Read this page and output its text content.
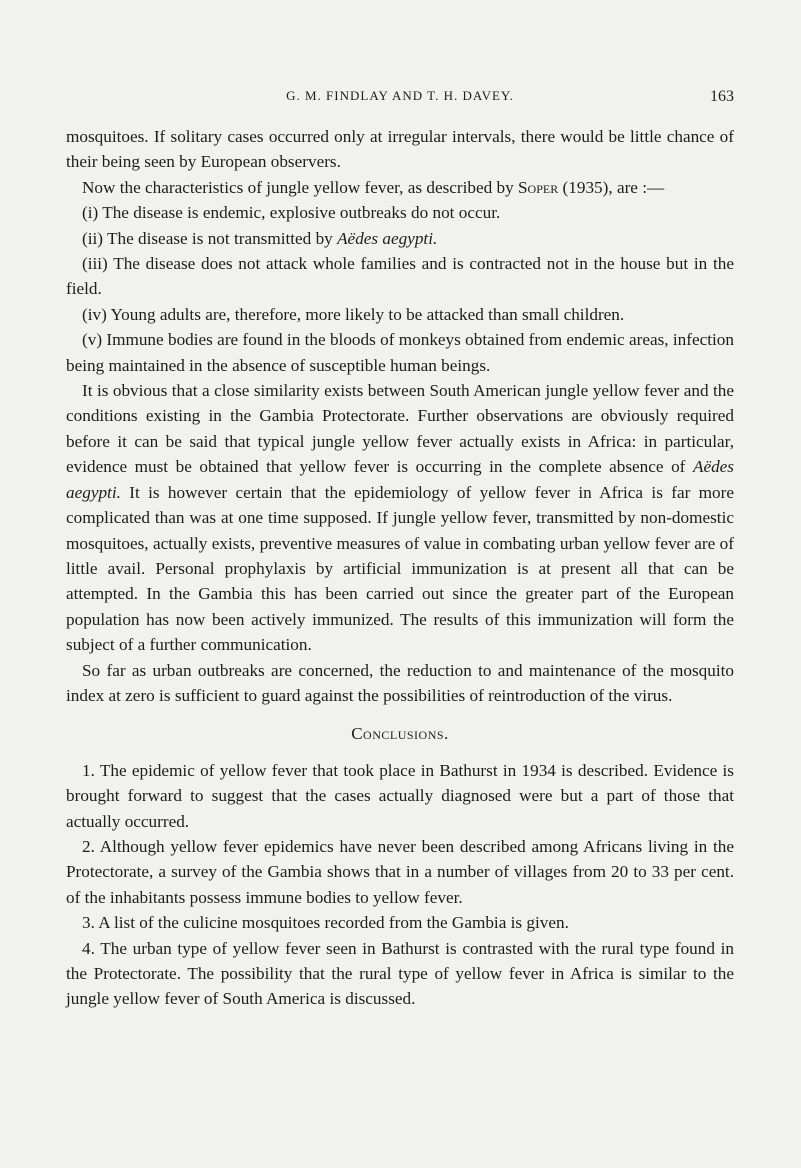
G. M. FINDLAY AND T. H. DAVEY.	163

mosquitoes. If solitary cases occurred only at irregular intervals, there would be little chance of their being seen by European observers.

Now the characteristics of jungle yellow fever, as described by Soper (1935), are :—

(i) The disease is endemic, explosive outbreaks do not occur.

(ii) The disease is not transmitted by Aëdes aegypti.

(iii) The disease does not attack whole families and is contracted not in the house but in the field.

(iv) Young adults are, therefore, more likely to be attacked than small children.

(v) Immune bodies are found in the bloods of monkeys obtained from endemic areas, infection being maintained in the absence of susceptible human beings.

It is obvious that a close similarity exists between South American jungle yellow fever and the conditions existing in the Gambia Protectorate. Further observations are obviously required before it can be said that typical jungle yellow fever actually exists in Africa: in particular, evidence must be obtained that yellow fever is occurring in the complete absence of Aëdes aegypti. It is however certain that the epidemiology of yellow fever in Africa is far more complicated than was at one time supposed. If jungle yellow fever, transmitted by non-domestic mosquitoes, actually exists, preventive measures of value in combating urban yellow fever are of little avail. Personal prophylaxis by artificial immunization is at present all that can be attempted. In the Gambia this has been carried out since the greater part of the European population has now been actively immunized. The results of this immunization will form the subject of a further communication.

So far as urban outbreaks are concerned, the reduction to and maintenance of the mosquito index at zero is sufficient to guard against the possibilities of reintroduction of the virus.

Conclusions.

1. The epidemic of yellow fever that took place in Bathurst in 1934 is described. Evidence is brought forward to suggest that the cases actually diagnosed were but a part of those that actually occurred.

2. Although yellow fever epidemics have never been described among Africans living in the Protectorate, a survey of the Gambia shows that in a number of villages from 20 to 33 per cent. of the inhabitants possess immune bodies to yellow fever.

3. A list of the culicine mosquitoes recorded from the Gambia is given.

4. The urban type of yellow fever seen in Bathurst is contrasted with the rural type found in the Protectorate. The possibility that the rural type of yellow fever in Africa is similar to the jungle yellow fever of South America is discussed.
